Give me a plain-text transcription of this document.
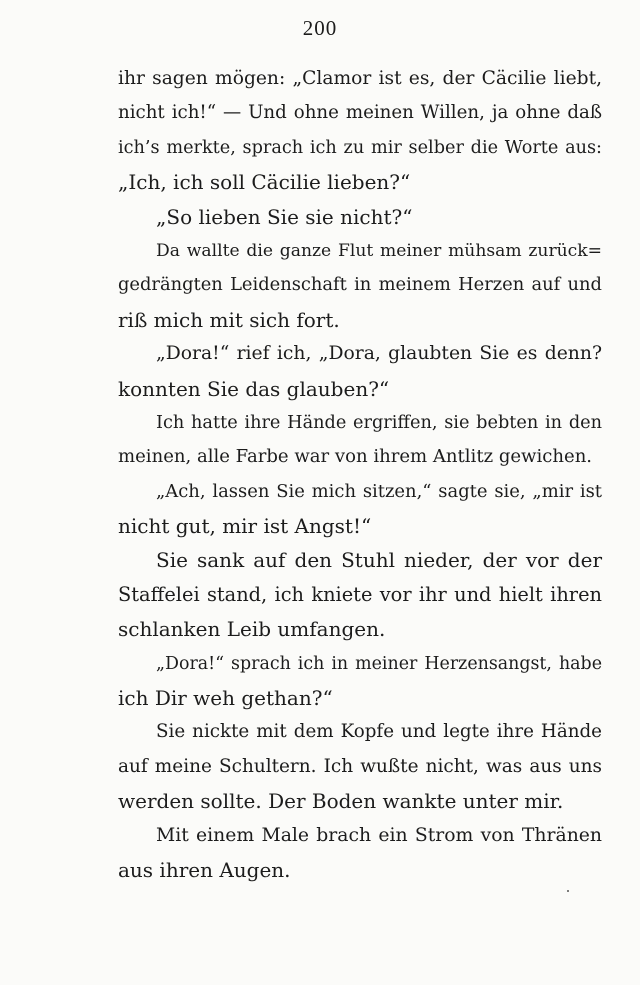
200
ihr sagen mögen: „Clamor ist es, der Cäcilie liebt,
nicht ich!“ — Und ohne meinen Willen, ja ohne daß
ich’s merkte, sprach ich zu mir selber die Worte aus:
„Ich, ich soll Cäcilie lieben?“
„So lieben Sie sie nicht?“
Da wallte die ganze Flut meiner mühsam zurück=
gedrängten Leidenschaft in meinem Herzen auf und
riß mich mit sich fort.
„Dora!“ rief ich, „Dora, glaubten Sie es denn?
konnten Sie das glauben?“
Ich hatte ihre Hände ergriffen, sie bebten in den
meinen, alle Farbe war von ihrem Antlitz gewichen.
„Ach, lassen Sie mich sitzen,“ sagte sie, „mir ist
nicht gut, mir ist Angst!“
Sie sank auf den Stuhl nieder, der vor der
Staffelei stand, ich kniete vor ihr und hielt ihren
schlanken Leib umfangen.
„Dora!“ sprach ich in meiner Herzensangst, habe
ich Dir weh gethan?“
Sie nickte mit dem Kopfe und legte ihre Hände
auf meine Schultern. Ich wußte nicht, was aus uns
werden sollte. Der Boden wankte unter mir.
Mit einem Male brach ein Strom von Thränen
aus ihren Augen.
